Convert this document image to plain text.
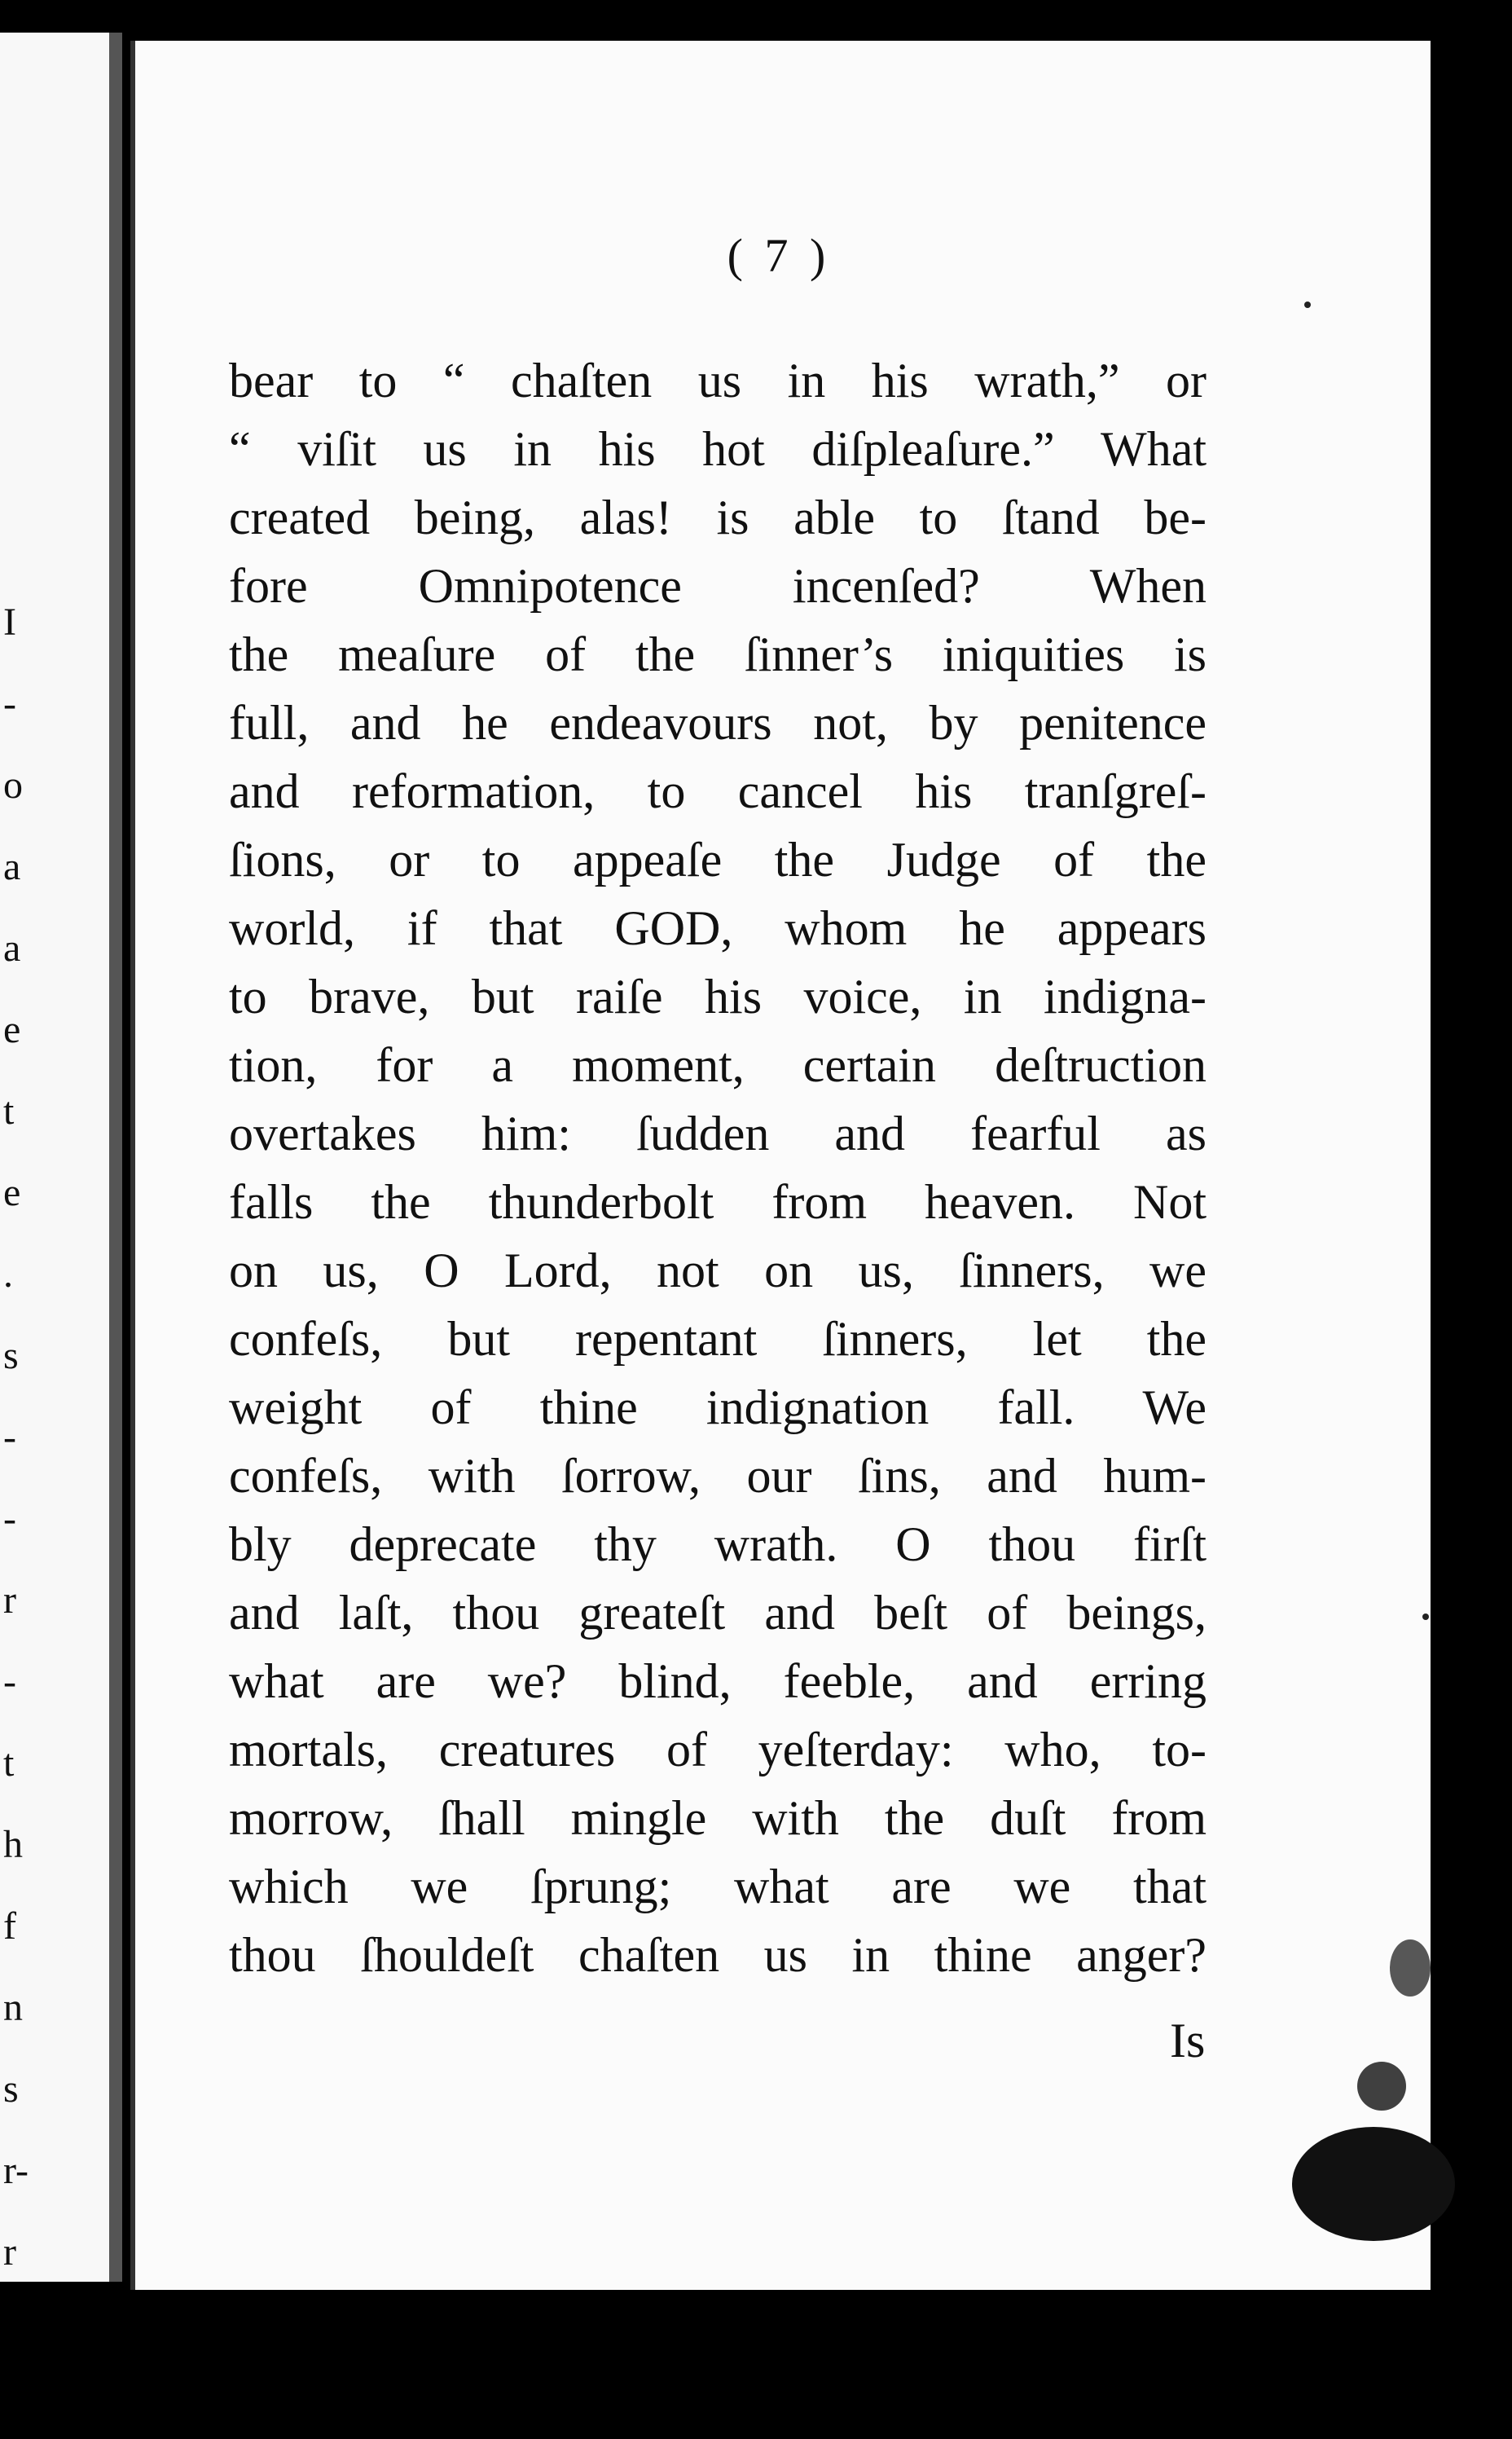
I
-
o
a
a
e
t
e
.
s
-
-
r
-
t
h
f
n
s
r-
r
( 7 )
bear to “ chaſten us in his wrath,” or
“ viſit us in his hot diſpleaſure.” What
created being, alas! is able to ſtand be-
fore Omnipotence incenſed? When
the meaſure of the ſinner’s iniquities is
full, and he endeavours not, by penitence
and reformation, to cancel his tranſgreſ-
ſions, or to appeaſe the Judge of the
world, if that GOD, whom he appears
to brave, but raiſe his voice, in indigna-
tion, for a moment, certain deſtruction
overtakes him: ſudden and fearful as
falls the thunderbolt from heaven. Not
on us, O Lord, not on us, ſinners, we
confeſs, but repentant ſinners, let the
weight of thine indignation fall. We
confeſs, with ſorrow, our ſins, and hum-
bly deprecate thy wrath. O thou firſt
and laſt, thou greateſt and beſt of beings,
what are we? blind, feeble, and erring
mortals, creatures of yeſterday: who, to-
morrow, ſhall mingle with the duſt from
which we ſprung; what are we that
thou ſhouldeſt chaſten us in thine anger?
Is
